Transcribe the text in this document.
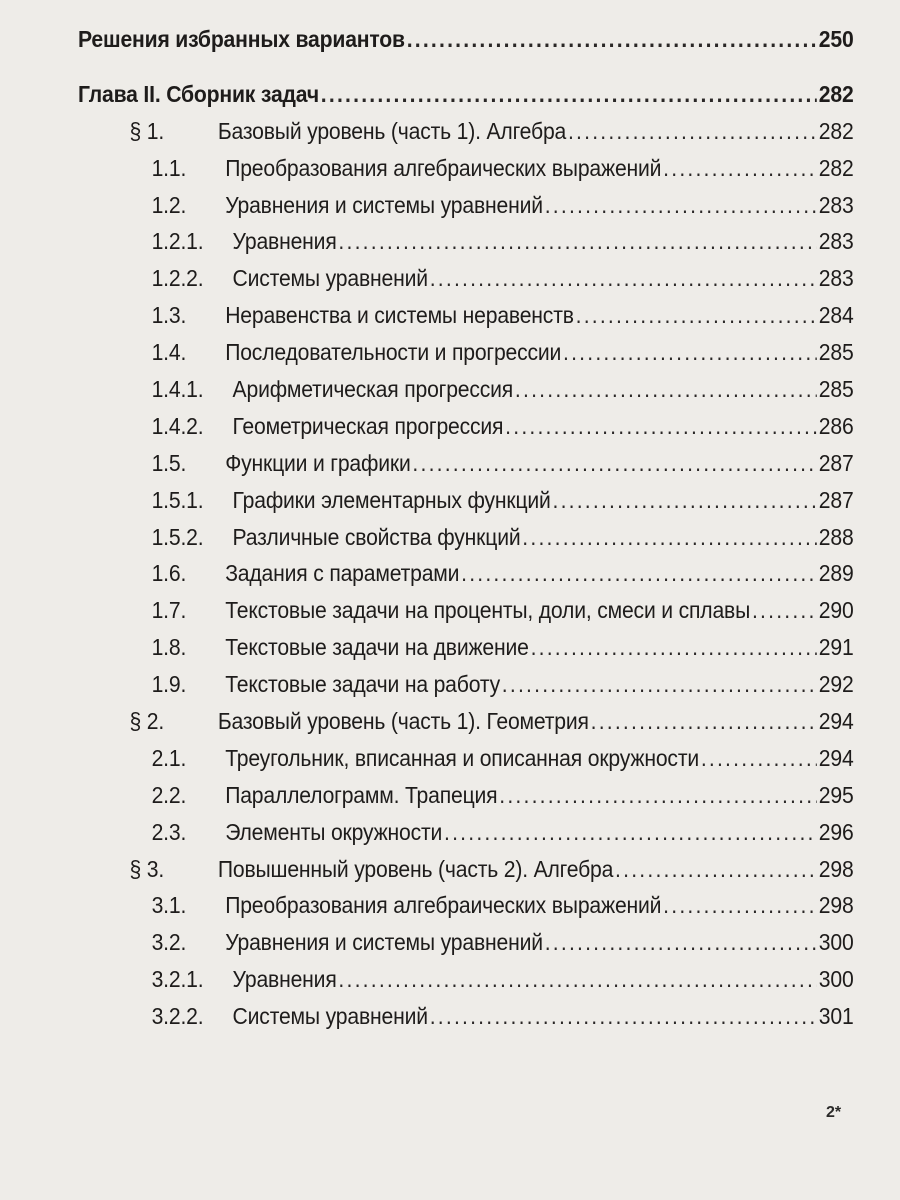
Решения избранных вариантов . . .	250
Глава II. Сборник задач . . .	282
§ 1.	Базовый уровень (часть 1). Алгебра . . .	282
1.1.	Преобразования алгебраических выражений . . .	282
1.2.	Уравнения и системы уравнений . . .	283
1.2.1.	Уравнения . . .	283
1.2.2.	Системы уравнений . . .	283
1.3.	Неравенства и системы неравенств . . .	284
1.4.	Последовательности и прогрессии . . .	285
1.4.1.	Арифметическая прогрессия . . .	285
1.4.2.	Геометрическая прогрессия . . .	286
1.5.	Функции и графики . . .	287
1.5.1.	Графики элементарных функций . . .	287
1.5.2.	Различные свойства функций . . .	288
1.6.	Задания с параметрами . . .	289
1.7.	Текстовые задачи на проценты, доли, смеси и сплавы . . .	290
1.8.	Текстовые задачи на движение . . .	291
1.9.	Текстовые задачи на работу . . .	292
§ 2.	Базовый уровень (часть 1). Геометрия . . .	294
2.1.	Треугольник, вписанная и описанная окружности . . .	294
2.2.	Параллелограмм. Трапеция . . .	295
2.3.	Элементы окружности . . .	296
§ 3.	Повышенный уровень (часть 2). Алгебра . . .	298
3.1.	Преобразования алгебраических выражений . . .	298
3.2.	Уравнения и системы уравнений . . .	300
3.2.1.	Уравнения . . .	300
3.2.2.	Системы уравнений . . .	301
2*
